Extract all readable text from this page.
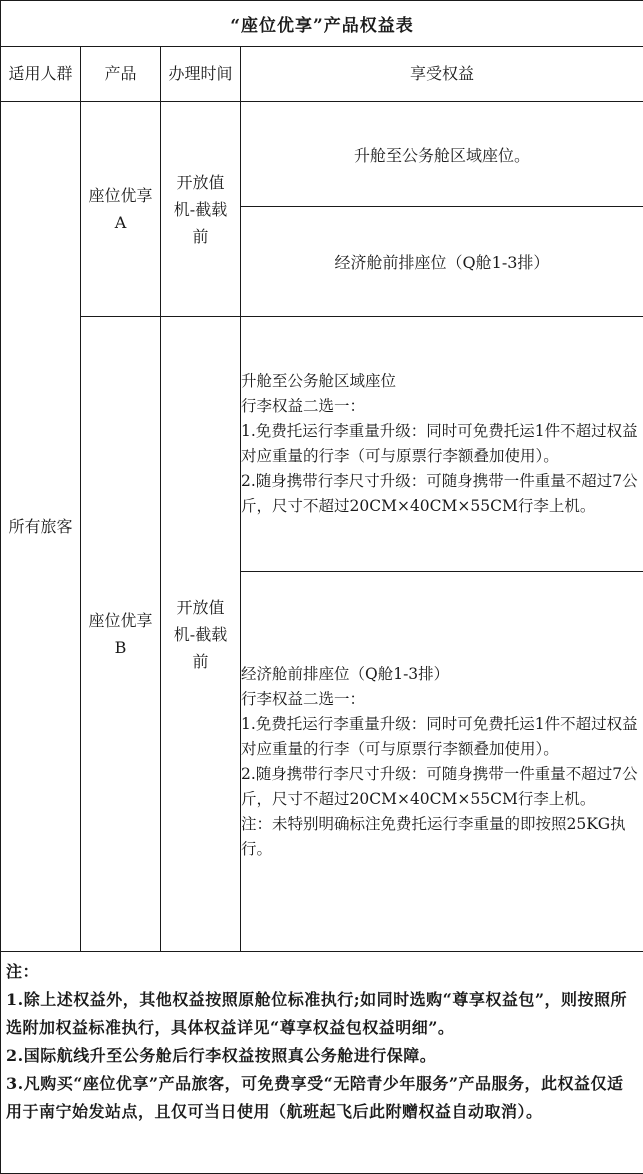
“座位优享”产品权益表			

适用人群	产品	办理时间	享受权益

所有旅客	座位优享A	开放值机-截载前	升舱至公务舱区域座位。
			经济舱前排座位（Q舱1-3排）

	座位优享B	开放值机-截载前	升舱至公务舱区域座位
行李权益二选一：
1.免费托运行李重量升级：同时可免费托运1件不超过权益对应重量的行李（可与原票行李额叠加使用）。
2.随身携带行李尺寸升级：可随身携带一件重量不超过7公斤，尺寸不超过20CM×40CM×55CM行李上机。
			经济舱前排座位（Q舱1-3排）
行李权益二选一：
1.免费托运行李重量升级：同时可免费托运1件不超过权益对应重量的行李（可与原票行李额叠加使用）。
2.随身携带行李尺寸升级：可随身携带一件重量不超过7公斤，尺寸不超过20CM×40CM×55CM行李上机。
注：未特别明确标注免费托运行李重量的即按照25KG执行。

注：
1.除上述权益外，其他权益按照原舱位标准执行;如同时选购“尊享权益包”，则按照所选附加权益标准执行，具体权益详见“尊享权益包权益明细”。
2.国际航线升至公务舱后行李权益按照真公务舱进行保障。
3.凡购买“座位优享”产品旅客，可免费享受“无陪青少年服务”产品服务，此权益仅适用于南宁始发站点，且仅可当日使用（航班起飞后此附赠权益自动取消）。			
